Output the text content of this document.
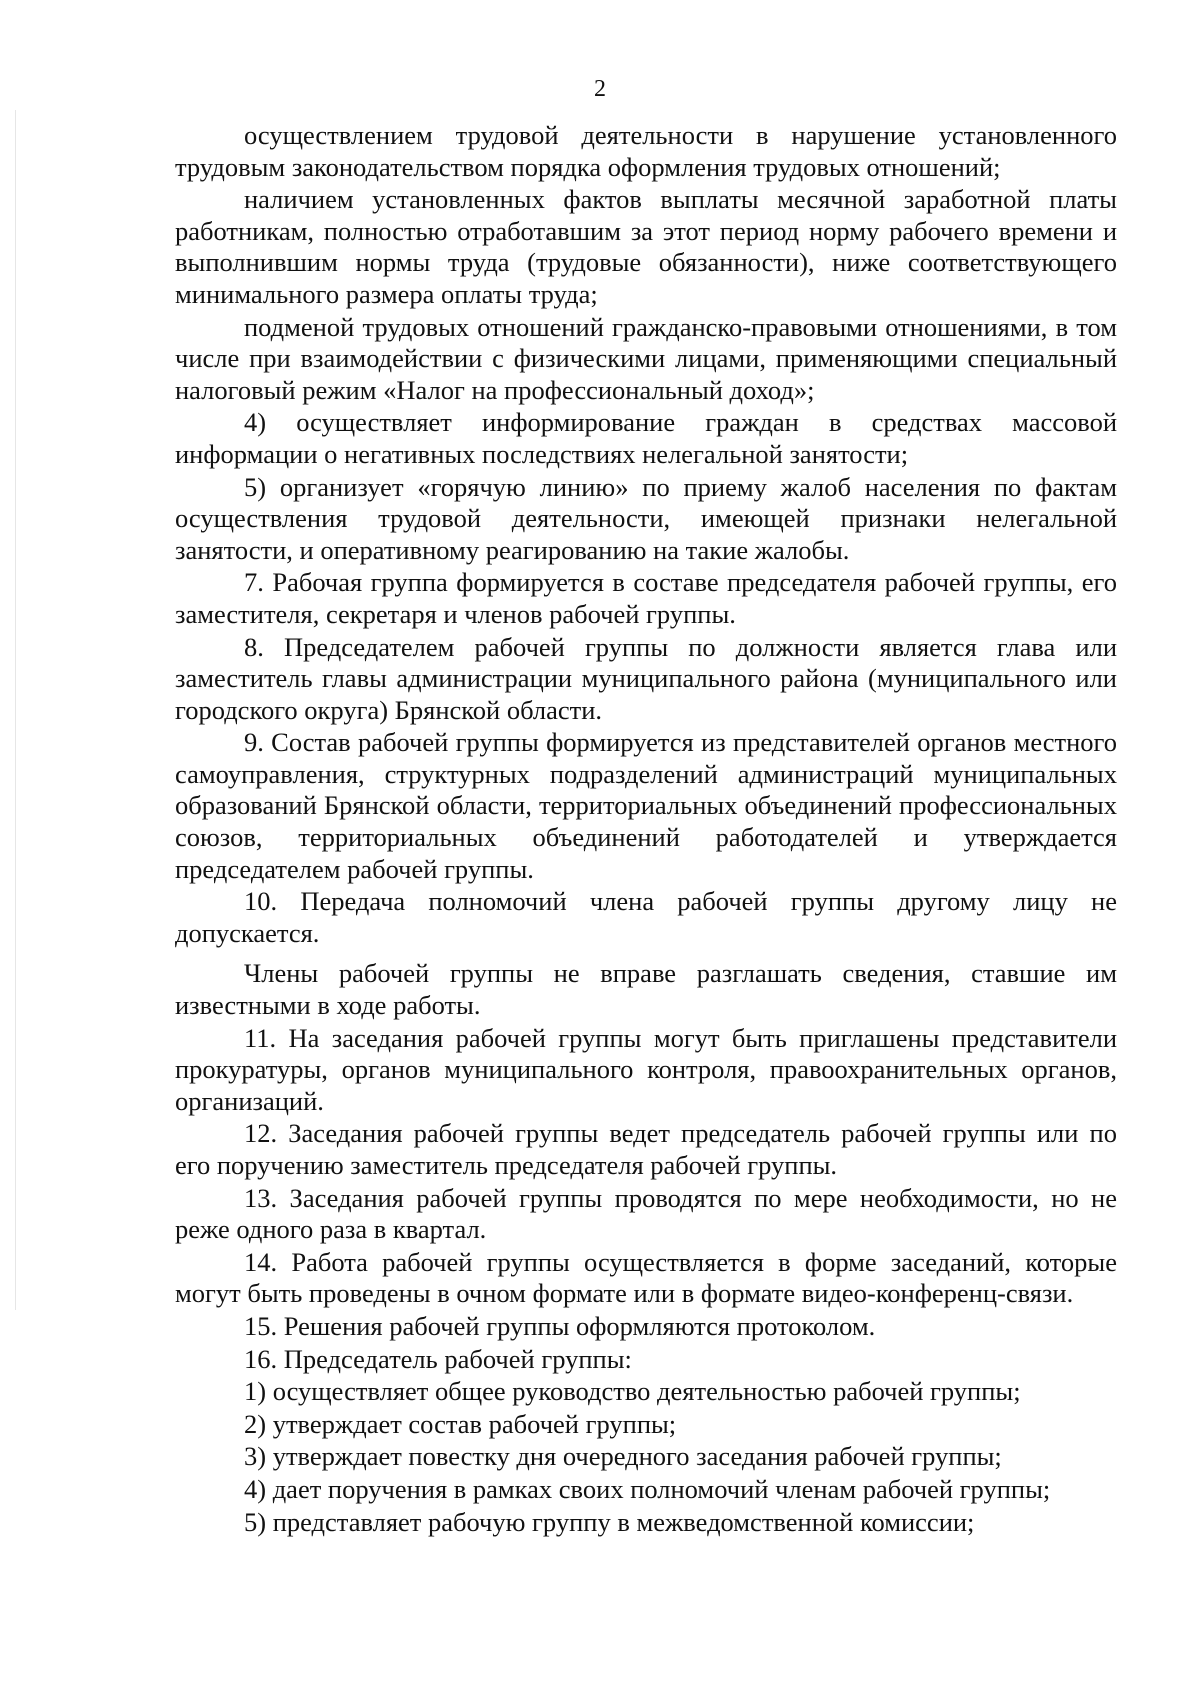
2

осуществлением трудовой деятельности в нарушение установленного трудовым законодательством порядка оформления трудовых отношений;

наличием установленных фактов выплаты месячной заработной платы работникам, полностью отработавшим за этот период норму рабочего времени и выполнившим нормы труда (трудовые обязанности), ниже соответствующего минимального размера оплаты труда;

подменой трудовых отношений гражданско-правовыми отношениями, в том числе при взаимодействии с физическими лицами, применяющими специальный налоговый режим «Налог на профессиональный доход»;

4) осуществляет информирование граждан в средствах массовой информации о негативных последствиях нелегальной занятости;

5) организует «горячую линию» по приему жалоб населения по фактам осуществления трудовой деятельности, имеющей признаки нелегальной занятости, и оперативному реагированию на такие жалобы.

7. Рабочая группа формируется в составе председателя рабочей группы, его заместителя, секретаря и членов рабочей группы.

8. Председателем рабочей группы по должности является глава или заместитель главы администрации муниципального района (муниципального или городского округа) Брянской области.

9. Состав рабочей группы формируется из представителей органов местного самоуправления, структурных подразделений администраций муниципальных образований Брянской области, территориальных объединений профессиональных союзов, территориальных объединений работодателей и утверждается председателем рабочей группы.

10. Передача полномочий члена рабочей группы другому лицу не допускается.

Члены рабочей группы не вправе разглашать сведения, ставшие им известными в ходе работы.

11. На заседания рабочей группы могут быть приглашены представители прокуратуры, органов муниципального контроля, правоохранительных органов, организаций.

12. Заседания рабочей группы ведет председатель рабочей группы или по его поручению заместитель председателя рабочей группы.

13. Заседания рабочей группы проводятся по мере необходимости, но не реже одного раза в квартал.

14. Работа рабочей группы осуществляется в форме заседаний, которые могут быть проведены в очном формате или в формате видео-конференц-связи.

15. Решения рабочей группы оформляются протоколом.

16. Председатель рабочей группы:

1) осуществляет общее руководство деятельностью рабочей группы;

2) утверждает состав рабочей группы;

3) утверждает повестку дня очередного заседания рабочей группы;

4) дает поручения в рамках своих полномочий членам рабочей группы;

5) представляет рабочую группу в межведомственной комиссии;
